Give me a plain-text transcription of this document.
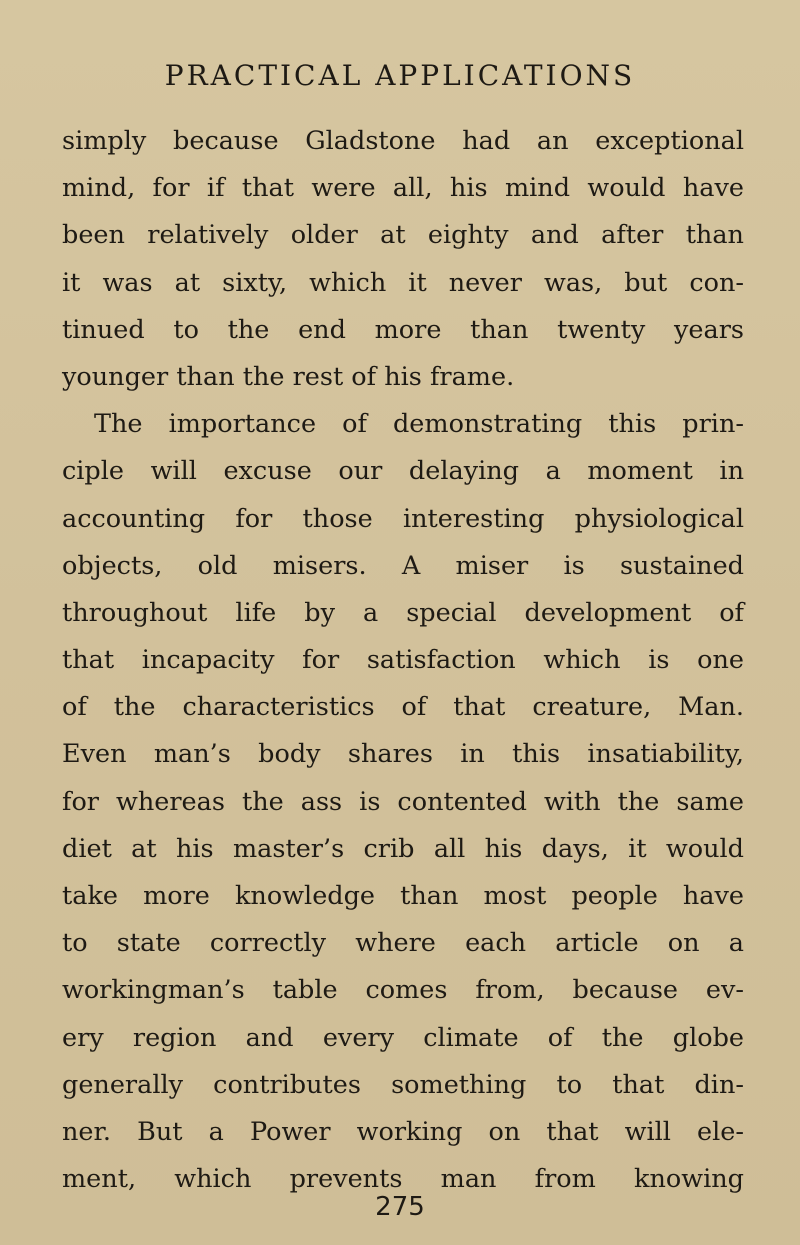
PRACTICAL APPLICATIONS
simply because Gladstone had an exceptional
mind, for if that were all, his mind would have
been relatively older at eighty and after than
it was at sixty, which it never was, but con-
tinued to the end more than twenty years
younger than the rest of his frame.
The importance of demonstrating this prin-
ciple will excuse our delaying a moment in
accounting for those interesting physiological
objects, old misers. A miser is sustained
throughout life by a special development of
that incapacity for satisfaction which is one
of the characteristics of that creature, Man.
Even man’s body shares in this insatiability,
for whereas the ass is contented with the same
diet at his master’s crib all his days, it would
take more knowledge than most people have
to state correctly where each article on a
workingman’s table comes from, because ev-
ery region and every climate of the globe
generally contributes something to that din-
ner. But a Power working on that will ele-
ment, which prevents man from knowing
275
